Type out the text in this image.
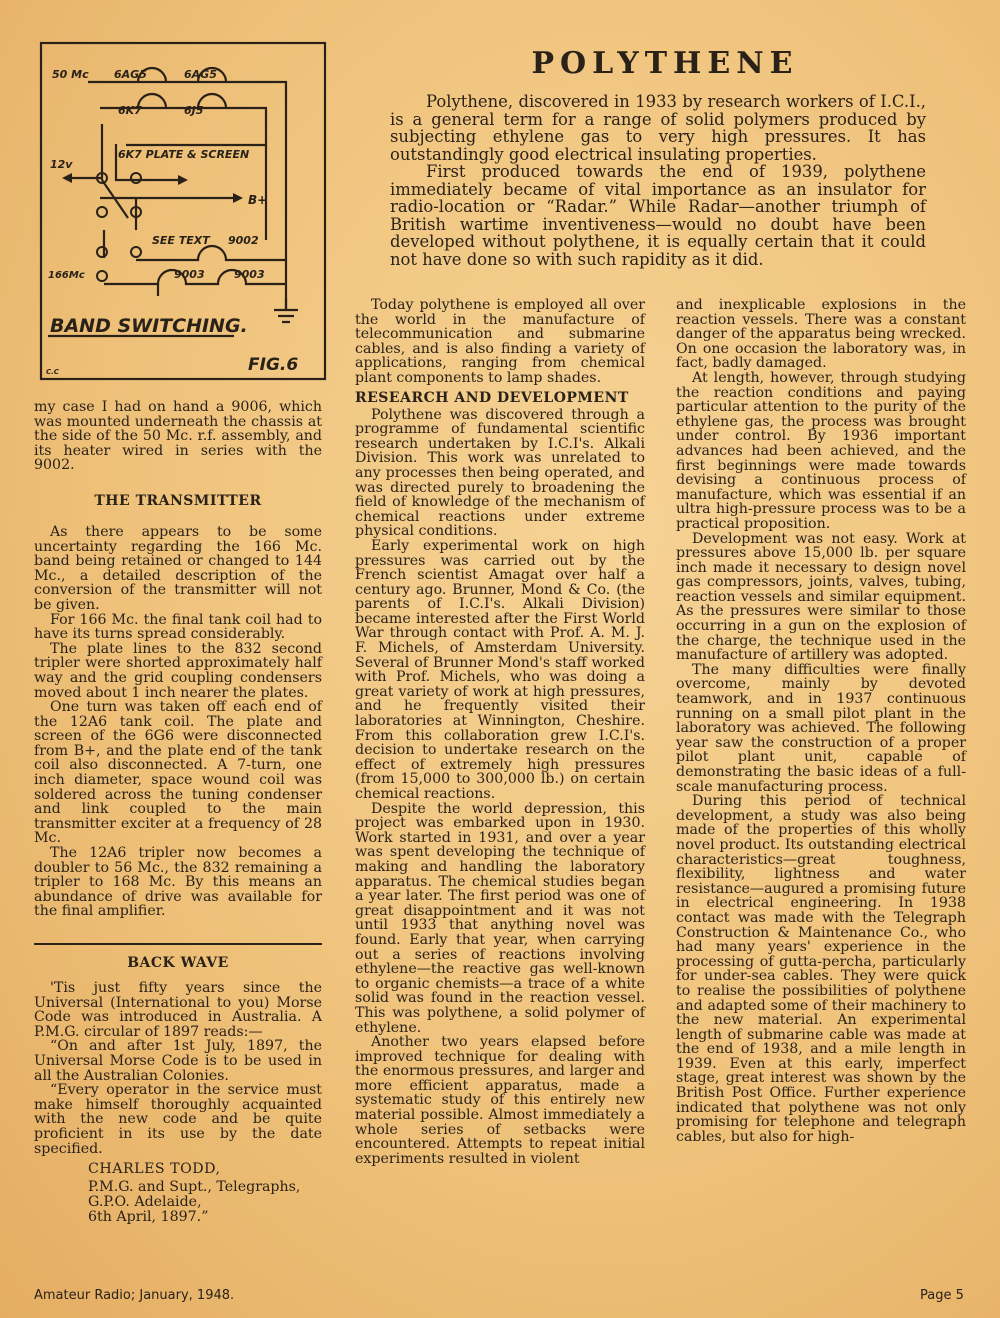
50 Mc 6AG5	6AG5
6K7	6J5
6K7 PLATE & SCREEN
12v
B+
SEE TEXT 9002
166Mc	9003	9003
BAND SWITCHING.
FIG.6
C.C
POLYTHENE

Polythene, discovered in 1933 by research workers of I.C.I., is a general term for a range of solid polymers produced by subjecting ethylene gas to very high pressures. It has outstandingly good electrical insulating properties.

First produced towards the end of 1939, polythene immediately became of vital importance as an insulator for radio-location or “Radar.” While Radar—another triumph of British wartime inventiveness—would no doubt have been developed without polythene, it is equally certain that it could not have done so with such rapidity as it did.

my case I had on hand a 9006, which was mounted underneath the chassis at the side of the 50 Mc. r.f. assembly, and its heater wired in series with the 9002.

THE TRANSMITTER

As there appears to be some uncertainty regarding the 166 Mc. band being retained or changed to 144 Mc., a detailed description of the conversion of the transmitter will not be given.

For 166 Mc. the final tank coil had to have its turns spread considerably.

The plate lines to the 832 second tripler were shorted approximately half way and the grid coupling condensers moved about 1 inch nearer the plates.

One turn was taken off each end of the 12A6 tank coil. The plate and screen of the 6G6 were disconnected from B+, and the plate end of the tank coil also disconnected. A 7-turn, one inch diameter, space wound coil was soldered across the tuning condenser and link coupled to the main transmitter exciter at a frequency of 28 Mc.

The 12A6 tripler now becomes a doubler to 56 Mc., the 832 remaining a tripler to 168 Mc. By this means an abundance of drive was available for the final amplifier.

BACK WAVE

'Tis just fifty years since the Universal (International to you) Morse Code was introduced in Australia. A P.M.G. circular of 1897 reads:—

“On and after 1st July, 1897, the Universal Morse Code is to be used in all the Australian Colonies.

“Every operator in the service must make himself thoroughly acquainted with the new code and be quite proficient in its use by the date specified.

CHARLES TODD,
P.M.G. and Supt., Telegraphs,
G.P.O. Adelaide,
6th April, 1897.”

Today polythene is employed all over the world in the manufacture of telecommunication and submarine cables, and is also finding a variety of applications, ranging from chemical plant components to lamp shades.

RESEARCH AND DEVELOPMENT

Polythene was discovered through a programme of fundamental scientific research undertaken by I.C.I's. Alkali Division. This work was unrelated to any processes then being operated, and was directed purely to broadening the field of knowledge of the mechanism of chemical reactions under extreme physical conditions.

Early experimental work on high pressures was carried out by the French scientist Amagat over half a century ago. Brunner, Mond & Co. (the parents of I.C.I's. Alkali Division) became interested after the First World War through contact with Prof. A. M. J. F. Michels, of Amsterdam University. Several of Brunner Mond's staff worked with Prof. Michels, who was doing a great variety of work at high pressures, and he frequently visited their laboratories at Winnington, Cheshire. From this collaboration grew I.C.I's. decision to undertake research on the effect of extremely high pressures (from 15,000 to 300,000 lb.) on certain chemical reactions.

Despite the world depression, this project was embarked upon in 1930. Work started in 1931, and over a year was spent developing the technique of making and handling the laboratory apparatus. The chemical studies began a year later. The first period was one of great disappointment and it was not until 1933 that anything novel was found. Early that year, when carrying out a series of reactions involving ethylene—the reactive gas well-known to organic chemists—a trace of a white solid was found in the reaction vessel. This was polythene, a solid polymer of ethylene.

Another two years elapsed before improved technique for dealing with the enormous pressures, and larger and more efficient apparatus, made a systematic study of this entirely new material possible. Almost immediately a whole series of setbacks were encountered. Attempts to repeat initial experiments resulted in violent

and inexplicable explosions in the reaction vessels. There was a constant danger of the apparatus being wrecked. On one occasion the laboratory was, in fact, badly damaged.

At length, however, through studying the reaction conditions and paying particular attention to the purity of the ethylene gas, the process was brought under control. By 1936 important advances had been achieved, and the first beginnings were made towards devising a continuous process of manufacture, which was essential if an ultra high-pressure process was to be a practical proposition.

Development was not easy. Work at pressures above 15,000 lb. per square inch made it necessary to design novel gas compressors, joints, valves, tubing, reaction vessels and similar equipment. As the pressures were similar to those occurring in a gun on the explosion of the charge, the technique used in the manufacture of artillery was adopted.

The many difficulties were finally overcome, mainly by devoted teamwork, and in 1937 continuous running on a small pilot plant in the laboratory was achieved. The following year saw the construction of a proper pilot plant unit, capable of demonstrating the basic ideas of a full-scale manufacturing process.

During this period of technical development, a study was also being made of the properties of this wholly novel product. Its outstanding electrical characteristics—great toughness, flexibility, lightness and water resistance—augured a promising future in electrical engineering. In 1938 contact was made with the Telegraph Construction & Maintenance Co., who had many years' experience in the processing of gutta-percha, particularly for under-sea cables. They were quick to realise the possibilities of polythene and adapted some of their machinery to the new material. An experimental length of submarine cable was made at the end of 1938, and a mile length in 1939. Even at this early, imperfect stage, great interest was shown by the British Post Office. Further experience indicated that polythene was not only promising for telephone and telegraph cables, but also for high-

Amateur Radio; January, 1948.	Page 5
